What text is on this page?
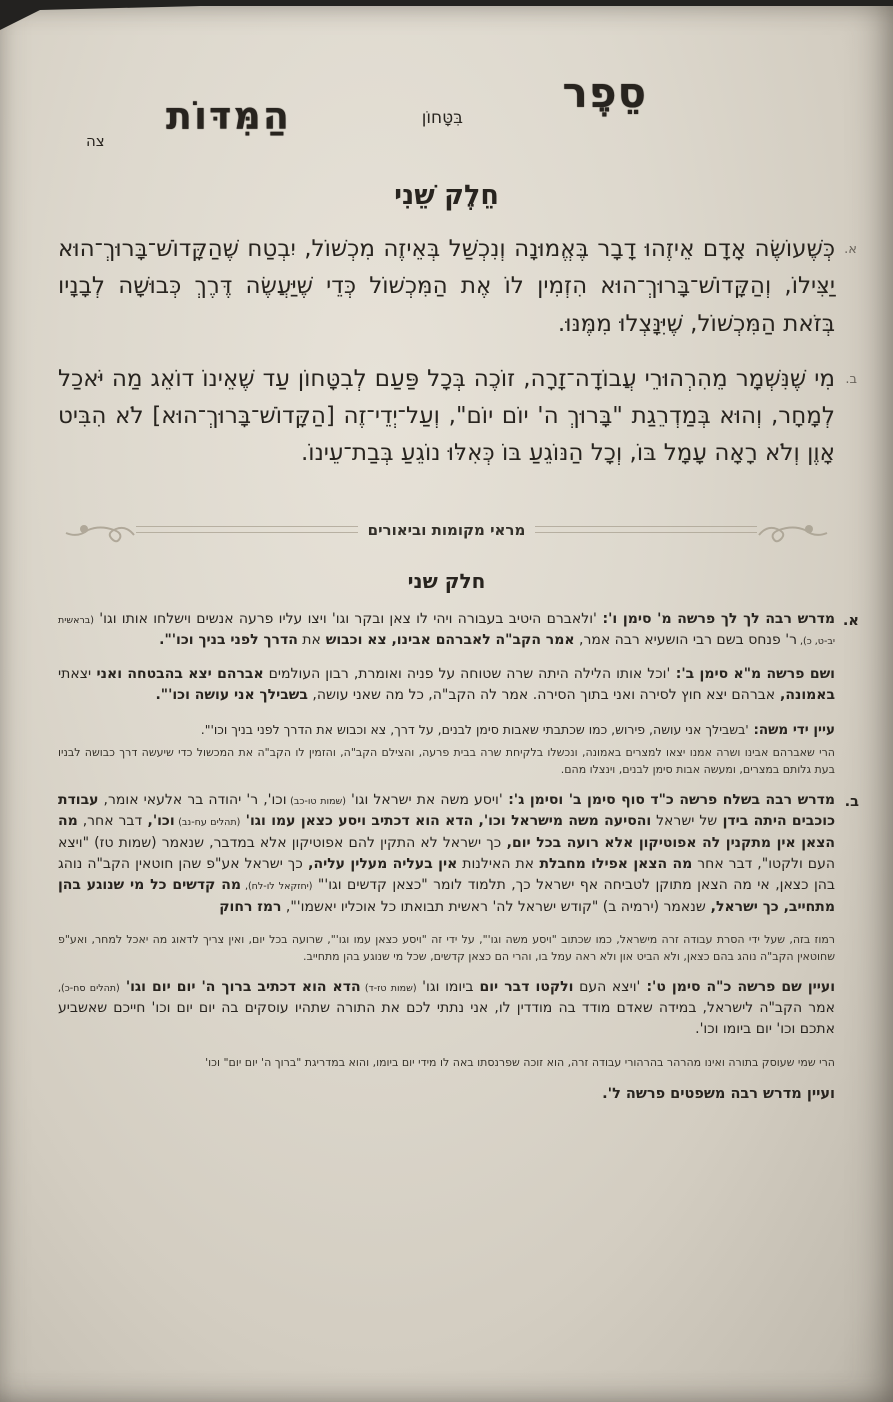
סֵפֶר
בִּטָּחוֹן
הַמִּדּוֹת
צה
חֵלֶק שֵׁנִי
א.
כְּשֶׁעוֹשֶׂה אָדָם אֵיזֶהוּ דָבָר בֶּאֱמוּנָה וְנִכְשַׁל בְּאֵיזֶה מִכְשׁוֹל, יִבְטַח שֶׁהַקָּדוֹשׁ־בָּרוּךְ־הוּא יַצִּילוֹ, וְהַקָּדוֹשׁ־בָּרוּךְ־הוּא הִזְמִין לוֹ אֶת הַמִּכְשׁוֹל כְּדֵי שֶׁיַּעֲשֶׂה דֶּרֶךְ כְּבוּשָׁה לְבָנָיו בְּזֹאת הַמִּכְשׁוֹל, שֶׁיִּנָּצְלוּ מִמֶּנּוּ.
ב.
מִי שֶׁנִּשְׁמָר מֵהִרְהוּרֵי עֲבוֹדָה־זָרָה, זוֹכֶה בְּכָל פַּעַם לְבִטָּחוֹן עַד שֶׁאֵינוֹ דוֹאֵג מַה יֹּאכַל לְמָחָר, וְהוּא בְּמַדְרֵגַת "בָּרוּךְ ה' יוֹם יוֹם", וְעַל־יְדֵי־זֶה [הַקָּדוֹשׁ־בָּרוּךְ־הוּא] לֹא הִבִּיט אָוֶן וְלֹא רָאָה עָמָל בּוֹ, וְכָל הַנּוֹגֵעַ בּוֹ כְּאִלּוּ נוֹגֵעַ בְּבַת־עֵינוֹ.
מראי מקומות וביאורים
חלק שני
א.
מדרש רבה לך לך פרשה מ' סימן ו': 'ולאברם היטיב בעבורה ויהי לו צאן ובקר וגו' ויצו עליו פרעה אנשים וישלחו אותו וגו' (בראשית יב-ט, כ), ר' פנחס בשם רבי הושעיא רבה אמר, אמר הקב"ה לאברהם אבינו, צא וכבוש את הדרך לפני בניך וכו'".
ושם פרשה מ"א סימן ב': 'וכל אותו הלילה היתה שרה שטוחה על פניה ואומרת, רבון העולמים אברהם יצא בהבטחה ואני יצאתי באמונה, אברהם יצא חוץ לסירה ואני בתוך הסירה. אמר לה הקב"ה, כל מה שאני עושה, בשבילך אני עושה וכו'".
עיין ידי משה: 'בשבילך אני עושה, פירוש, כמו שכתבתי שאבות סימן לבנים, על דרך, צא וכבוש את הדרך לפני בניך וכו'".
הרי שאברהם אבינו ושרה אמנו יצאו למצרים באמונה, ונכשלו בלקיחת שרה בבית פרעה, והצילם הקב"ה, והזמין לו הקב"ה את המכשול כדי שיעשה דרך כבושה לבניו בעת גלותם במצרים, ומעשה אבות סימן לבנים, וינצלו מהם.
ב.
מדרש רבה בשלח פרשה כ"ד סוף סימן ב' וסימן ג': 'ויסע משה את ישראל וגו' (שמות טו-כב) וכו', ר' יהודה בר אלעאי אומר, עבודת כוכבים היתה בידן של ישראל והסיעה משה מישראל וכו', הדא הוא דכתיב ויסע כצאן עמו וגו' (תהלים עח-נב) וכו', דבר אחר, מה הצאן אין מתקנין לה אפוטיקון אלא רועה בכל יום, כך ישראל לא התקין להם אפוטיקון אלא במדבר, שנאמר (שמות טז) "ויצא העם ולקטו", דבר אחר מה הצאן אפילו מחבלת את האילנות אין בעליה מעלין עליה, כך ישראל אע"פ שהן חוטאין הקב"ה נוהג בהן כצאן, אי מה הצאן מתוקן לטביחה אף ישראל כך, תלמוד לומר "כצאן קדשים וגו'" (יחזקאל לו-לח), מה קדשים כל מי שנוגע בהן מתחייב, כך ישראל, שנאמר (ירמיה ב) "קודש ישראל לה' ראשית תבואתו כל אוכליו יאשמו'", רמז רחוק
רמוז בזה, שעל ידי הסרת עבודה זרה מישראל, כמו שכתוב "ויסע משה וגו'", על ידי זה "ויסע כצאן עמו וגו'", שרועה בכל יום, ואין צריך לדאוג מה יאכל למחר, ואע"פ שחוטאין הקב"ה נוהג בהם כצאן, ולא הביט און ולא ראה עמל בו, והרי הם כצאן קדשים, שכל מי שנוגע בהן מתחייב.
ועיין שם פרשה כ"ה סימן ט': 'ויצא העם ולקטו דבר יום ביומו וגו' (שמות טז-ד) הדא הוא דכתיב ברוך ה' יום יום וגו' (תהלים סח-כ), אמר הקב"ה לישראל, במידה שאדם מודד בה מודדין לו, אני נתתי לכם את התורה שתהיו עוסקים בה יום יום וכו' חייכם שאשביע אתכם וכו' יום ביומו וכו'.
הרי שמי שעוסק בתורה ואינו מהרהר בהרהורי עבודה זרה, הוא זוכה שפרנסתו באה לו מידי יום ביומו, והוא במדריגת "ברוך ה' יום יום" וכו'
ועיין מדרש רבה משפטים פרשה ל'.
